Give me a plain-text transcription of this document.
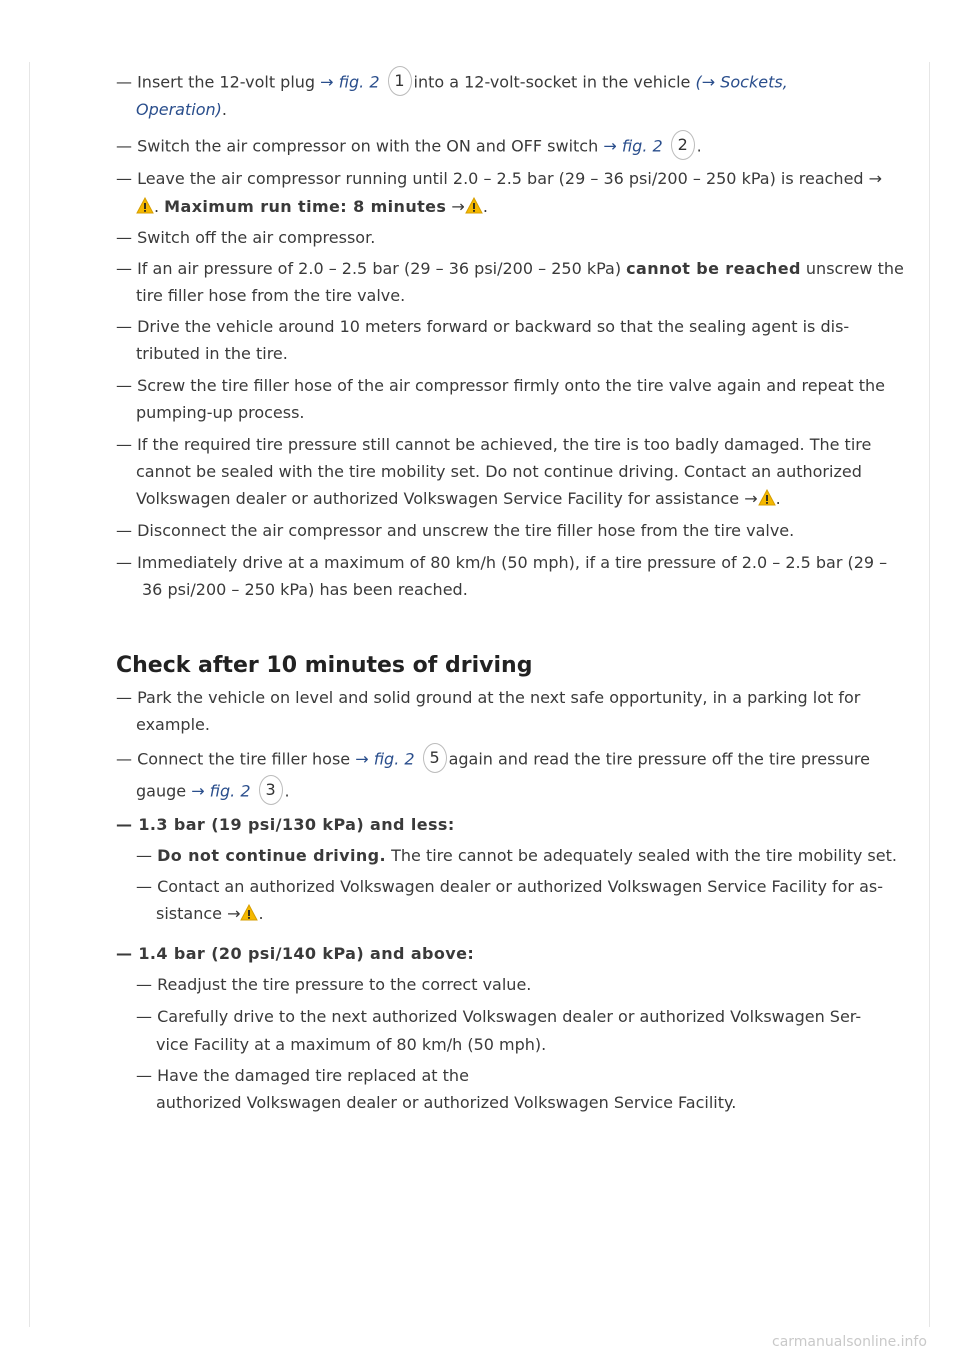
— Insert the 12-volt plug → fig. 2 1 into a 12-volt-socket in the vehicle (→ Sockets,
Operation).
— Switch the air compressor on with the ON and OFF switch → fig. 2 2 .
— Leave the air compressor running until 2.0 – 2.5 bar (29 – 36 psi/200 – 250 kPa) is reached →
. Maximum run time: 8 minutes → .
— Switch off the air compressor.
— If an air pressure of 2.0 – 2.5 bar (29 – 36 psi/200 – 250 kPa) cannot be reached unscrew the
tire filler hose from the tire valve.
— Drive the vehicle around 10 meters forward or backward so that the sealing agent is dis-
tributed in the tire.
— Screw the tire filler hose of the air compressor firmly onto the tire valve again and repeat the
pumping-up process.
— If the required tire pressure still cannot be achieved, the tire is too badly damaged. The tire
cannot be sealed with the tire mobility set. Do not continue driving. Contact an authorized
Volkswagen dealer or authorized Volkswagen Service Facility for assistance → .
— Disconnect the air compressor and unscrew the tire filler hose from the tire valve.
— Immediately drive at a maximum of 80 km/h (50 mph), if a tire pressure of 2.0 – 2.5 bar (29 –
36 psi/200 – 250 kPa) has been reached.
Check after 10 minutes of driving
— Park the vehicle on level and solid ground at the next safe opportunity, in a parking lot for
example.
— Connect the tire filler hose → fig. 2 5 again and read the tire pressure off the tire pressure
gauge → fig. 2 3 .
— 1.3 bar (19 psi/130 kPa) and less:
— Do not continue driving. The tire cannot be adequately sealed with the tire mobility set.
— Contact an authorized Volkswagen dealer or authorized Volkswagen Service Facility for as-
sistance → .
— 1.4 bar (20 psi/140 kPa) and above:
— Readjust the tire pressure to the correct value.
— Carefully drive to the next authorized Volkswagen dealer or authorized Volkswagen Ser-
vice Facility at a maximum of 80 km/h (50 mph).
— Have the damaged tire replaced at the
authorized Volkswagen dealer or authorized Volkswagen Service Facility.
carmanualsonline.info
